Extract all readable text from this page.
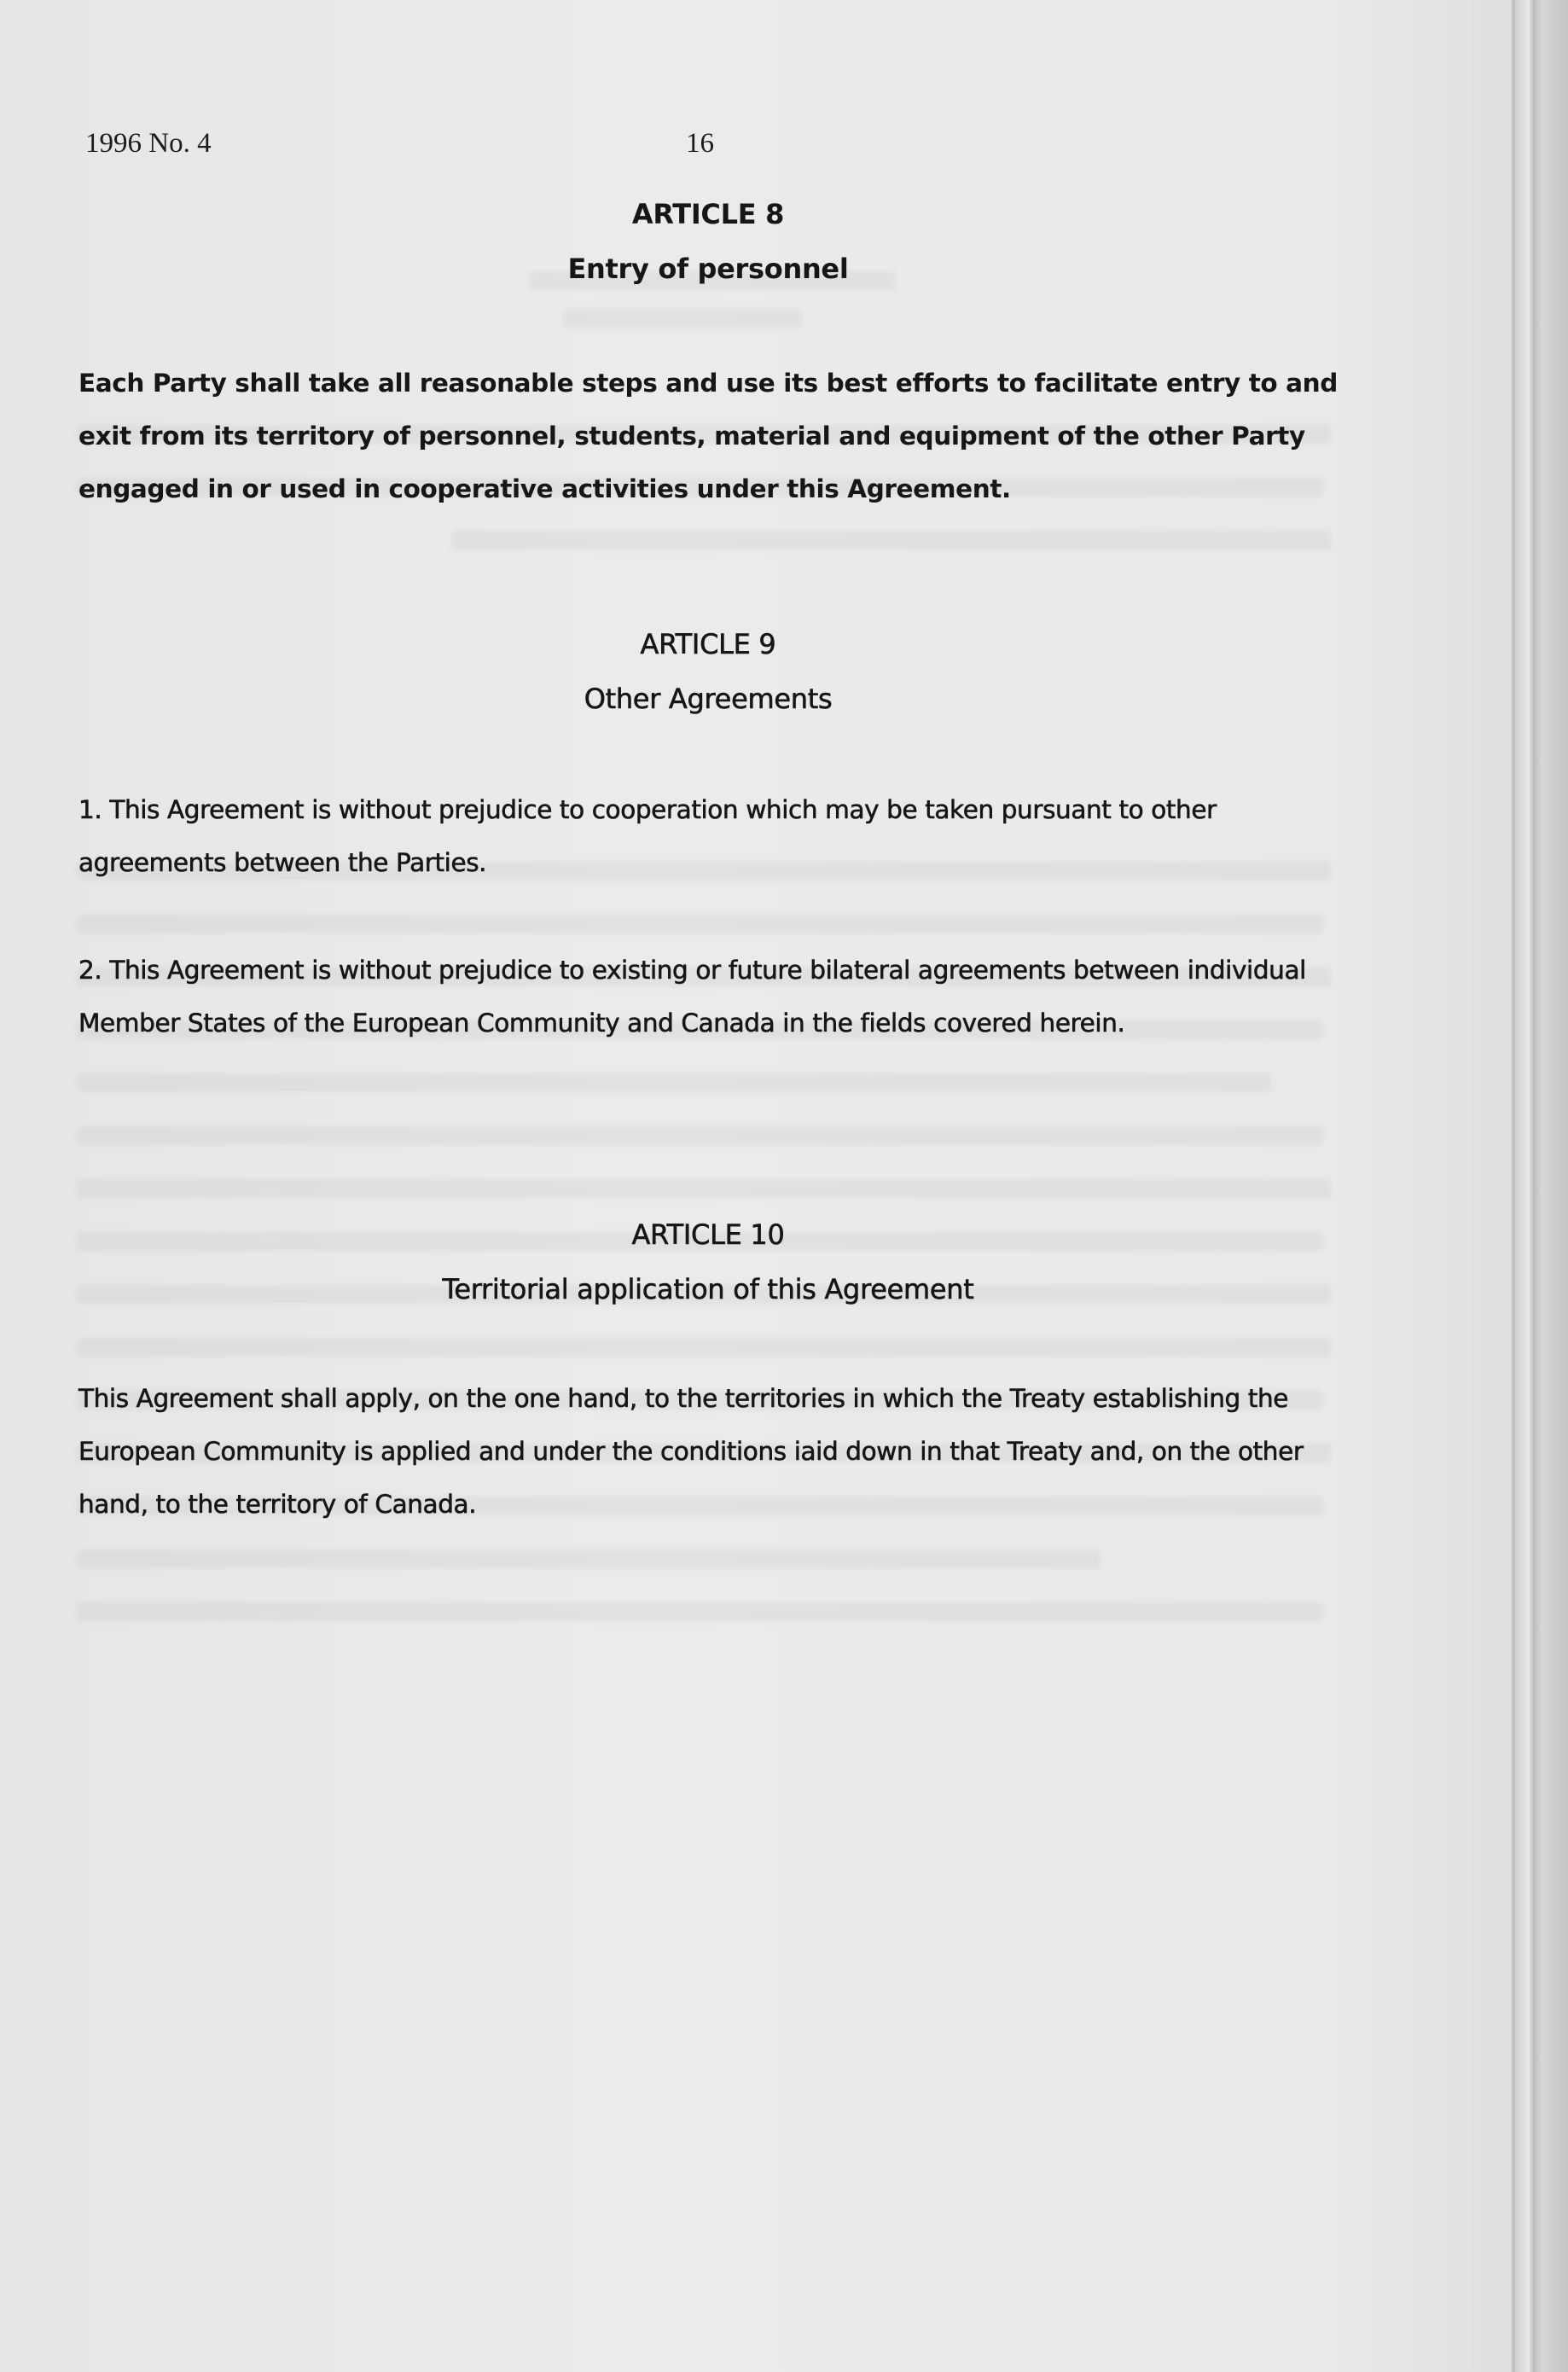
1996 No. 4	16
ARTICLE 8
Entry of personnel
Each Party shall take all reasonable steps and use its best efforts to facilitate entry to and exit from its territory of personnel, students, material and equipment of the other Party engaged in or used in cooperative activities under this Agreement.
ARTICLE 9
Other Agreements
1. This Agreement is without prejudice to cooperation which may be taken pursuant to other agreements between the Parties.
2. This Agreement is without prejudice to existing or future bilateral agreements between individual Member States of the European Community and Canada in the fields covered herein.
ARTICLE 10
Territorial application of this Agreement
This Agreement shall apply, on the one hand, to the territories in which the Treaty establishing the European Community is applied and under the conditions iaid down in that Treaty and, on the other hand, to the territory of Canada.
